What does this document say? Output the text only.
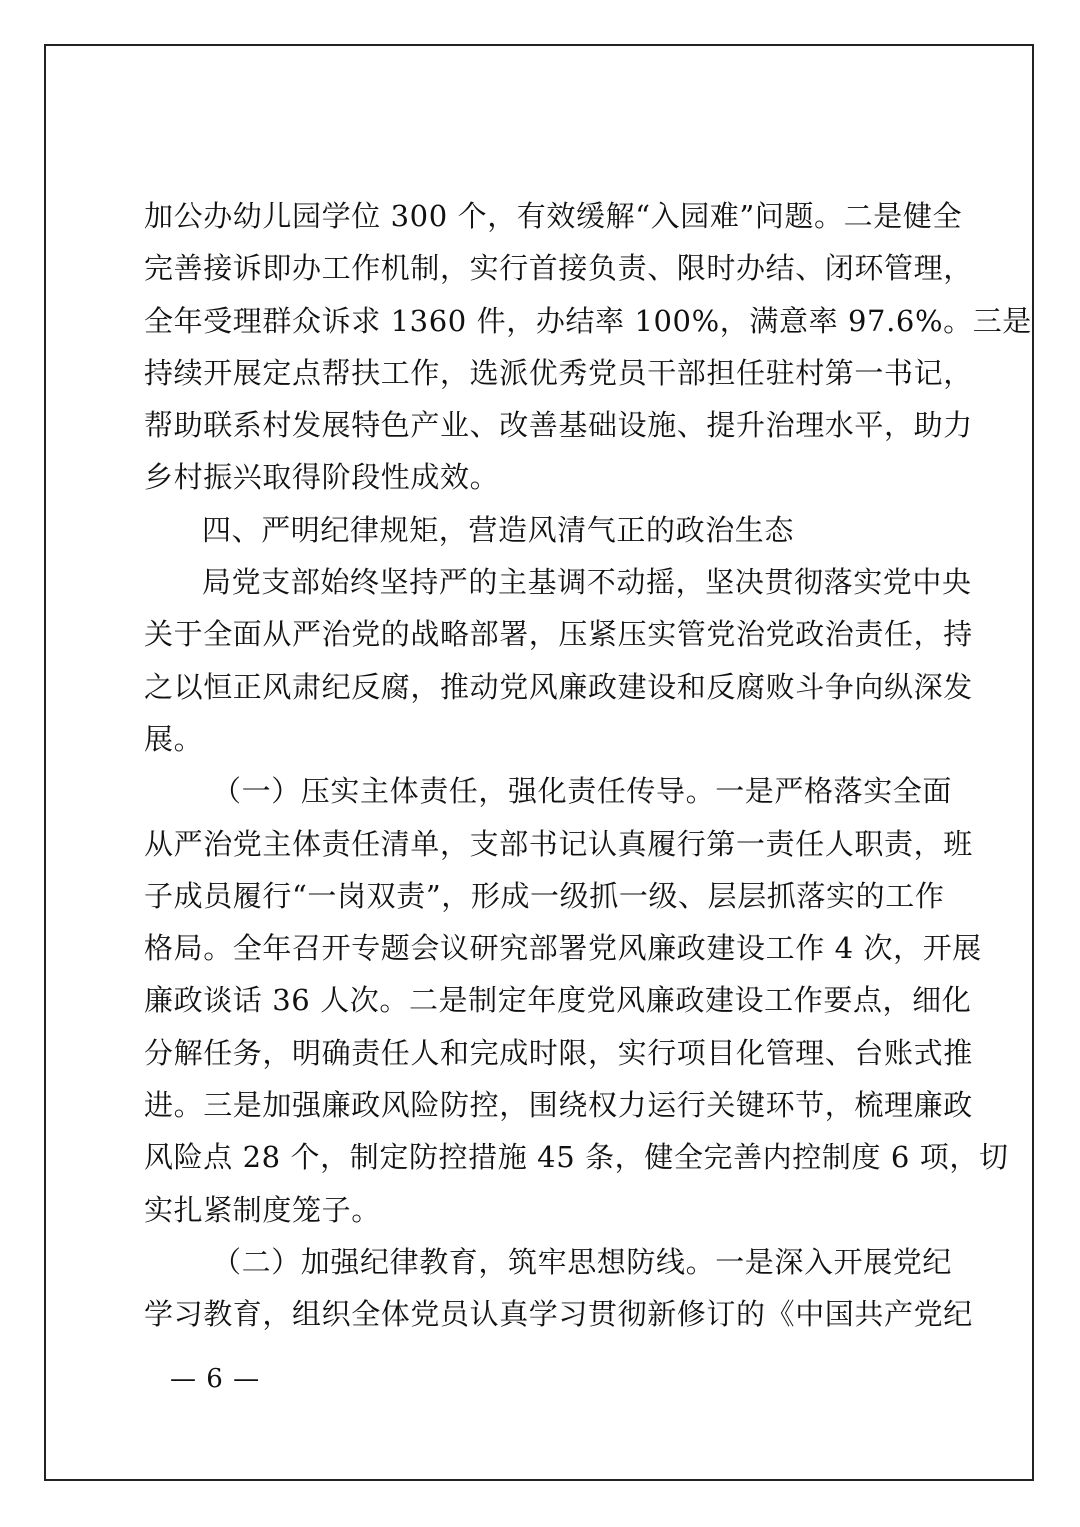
加公办幼儿园学位 300 个，有效缓解“入园难”问题。二是健全
完善接诉即办工作机制，实行首接负责、限时办结、闭环管理，
全年受理群众诉求 1360 件，办结率 100%，满意率 97.6%。三是
持续开展定点帮扶工作，选派优秀党员干部担任驻村第一书记，
帮助联系村发展特色产业、改善基础设施、提升治理水平，助力
乡村振兴取得阶段性成效。
四、严明纪律规矩，营造风清气正的政治生态
局党支部始终坚持严的主基调不动摇，坚决贯彻落实党中央
关于全面从严治党的战略部署，压紧压实管党治党政治责任，持
之以恒正风肃纪反腐，推动党风廉政建设和反腐败斗争向纵深发
展。
（一）压实主体责任，强化责任传导。一是严格落实全面
从严治党主体责任清单，支部书记认真履行第一责任人职责，班
子成员履行“一岗双责”，形成一级抓一级、层层抓落实的工作
格局。全年召开专题会议研究部署党风廉政建设工作 4 次，开展
廉政谈话 36 人次。二是制定年度党风廉政建设工作要点，细化
分解任务，明确责任人和完成时限，实行项目化管理、台账式推
进。三是加强廉政风险防控，围绕权力运行关键环节，梳理廉政
风险点 28 个，制定防控措施 45 条，健全完善内控制度 6 项，切
实扎紧制度笼子。
（二）加强纪律教育，筑牢思想防线。一是深入开展党纪
学习教育，组织全体党员认真学习贯彻新修订的《中国共产党纪
— 6 —
